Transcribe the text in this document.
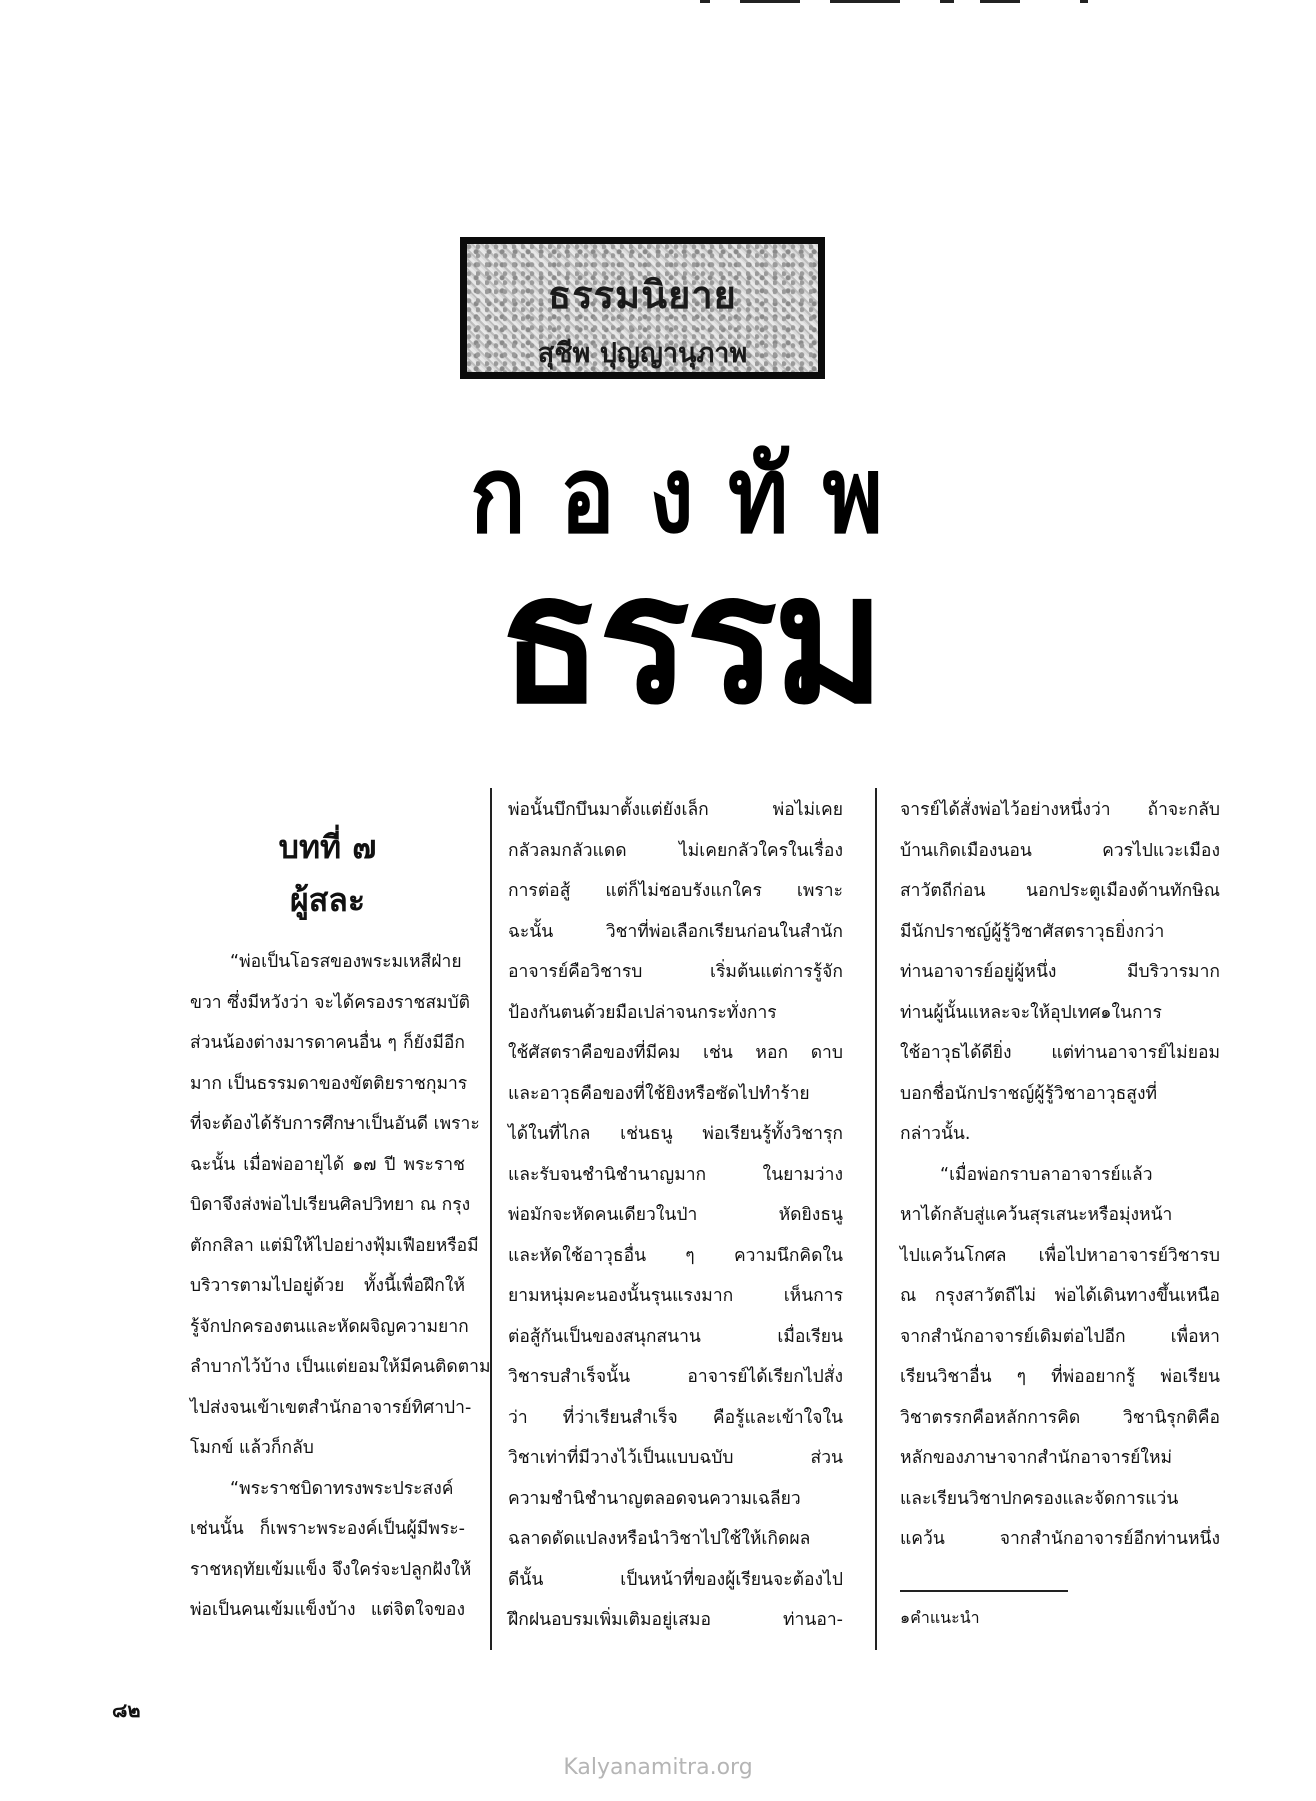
ธรรมนิยาย
สุชีพ ปุญญานุภาพ
กองทัพ
ธรรม
บทที่ ๗
ผู้สละ
“พ่อเป็นโอรสของพระมเหสีฝ่าย
ขวา ซึ่งมีหวังว่า จะได้ครองราชสมบัติ
ส่วนน้องต่างมารดาคนอื่น ๆ ก็ยังมีอีก
มาก เป็นธรรมดาของขัตติยราชกุมาร
ที่จะต้องได้รับการศึกษาเป็นอันดี เพราะ
ฉะนั้น เมื่อพ่ออายุได้ ๑๗ ปี พระราช
บิดาจึงส่งพ่อไปเรียนศิลปวิทยา ณ กรุง
ตักกสิลา แต่มิให้ไปอย่างฟุ้มเฟือยหรือมี
บริวารตามไปอยู่ด้วย ทั้งนี้เพื่อฝึกให้
รู้จักปกครองตนและหัดผจิญความยาก
ลำบากไว้บ้าง เป็นแต่ยอมให้มีคนติดตาม
ไปส่งจนเข้าเขตสำนักอาจารย์ทิศาปา-
โมกข์ แล้วก็กลับ
“พระราชบิดาทรงพระประสงค์
เช่นนั้น ก็เพราะพระองค์เป็นผู้มีพระ-
ราชหฤทัยเข้มแข็ง จึงใคร่จะปลูกฝังให้
พ่อเป็นคนเข้มแข็งบ้าง แต่จิตใจของ
พ่อนั้นบึกบึนมาตั้งแต่ยังเล็ก พ่อไม่เคย
กลัวลมกลัวแดด ไม่เคยกลัวใครในเรื่อง
การต่อสู้ แต่ก็ไม่ชอบรังแกใคร เพราะ
ฉะนั้น วิชาที่พ่อเลือกเรียนก่อนในสำนัก
อาจารย์คือวิชารบ เริ่มต้นแต่การรู้จัก
ป้องกันตนด้วยมือเปล่าจนกระทั่งการ
ใช้ศัสตราคือของที่มีคม เช่น หอก ดาบ
และอาวุธคือของที่ใช้ยิงหรือซัดไปทำร้าย
ได้ในที่ไกล เช่นธนู พ่อเรียนรู้ทั้งวิชารุก
และรับจนชำนิชำนาญมาก ในยามว่าง
พ่อมักจะหัดคนเดียวในป่า หัดยิงธนู
และหัดใช้อาวุธอื่น ๆ ความนึกคิดใน
ยามหนุ่มคะนองนั้นรุนแรงมาก เห็นการ
ต่อสู้กันเป็นของสนุกสนาน เมื่อเรียน
วิชารบสำเร็จนั้น อาจารย์ได้เรียกไปสั่ง
ว่า ที่ว่าเรียนสำเร็จ คือรู้และเข้าใจใน
วิชาเท่าที่มีวางไว้เป็นแบบฉบับ ส่วน
ความชำนิชำนาญตลอดจนความเฉลียว
ฉลาดดัดแปลงหรือนำวิชาไปใช้ให้เกิดผล
ดีนั้น เป็นหน้าที่ของผู้เรียนจะต้องไป
ฝึกฝนอบรมเพิ่มเติมอยู่เสมอ ท่านอา-
จารย์ได้สั่งพ่อไว้อย่างหนึ่งว่า ถ้าจะกลับ
บ้านเกิดเมืองนอน ควรไปแวะเมือง
สาวัตถีก่อน นอกประตูเมืองด้านทักษิณ
มีนักปราชญ์ผู้รู้วิชาศัสตราวุธยิ่งกว่า
ท่านอาจารย์อยู่ผู้หนึ่ง มีบริวารมาก
ท่านผู้นั้นแหละจะให้อุปเทศ๑ในการ
ใช้อาวุธได้ดียิ่ง แต่ท่านอาจารย์ไม่ยอม
บอกชื่อนักปราชญ์ผู้รู้วิชาอาวุธสูงที่
กล่าวนั้น.
“เมื่อพ่อกราบลาอาจารย์แล้ว
หาได้กลับสู่แคว้นสุรเสนะหรือมุ่งหน้า
ไปแคว้นโกศล เพื่อไปหาอาจารย์วิชารบ
ณ กรุงสาวัตถีไม่ พ่อได้เดินทางขึ้นเหนือ
จากสำนักอาจารย์เดิมต่อไปอีก เพื่อหา
เรียนวิชาอื่น ๆ ที่พ่ออยากรู้ พ่อเรียน
วิชาตรรกคือหลักการคิด วิชานิรุกติคือ
หลักของภาษาจากสำนักอาจารย์ใหม่
และเรียนวิชาปกครองและจัดการแว่น
แคว้น จากสำนักอาจารย์อีกท่านหนึ่ง
๑คำแนะนำ
๘๒
Kalyanamitra.org
